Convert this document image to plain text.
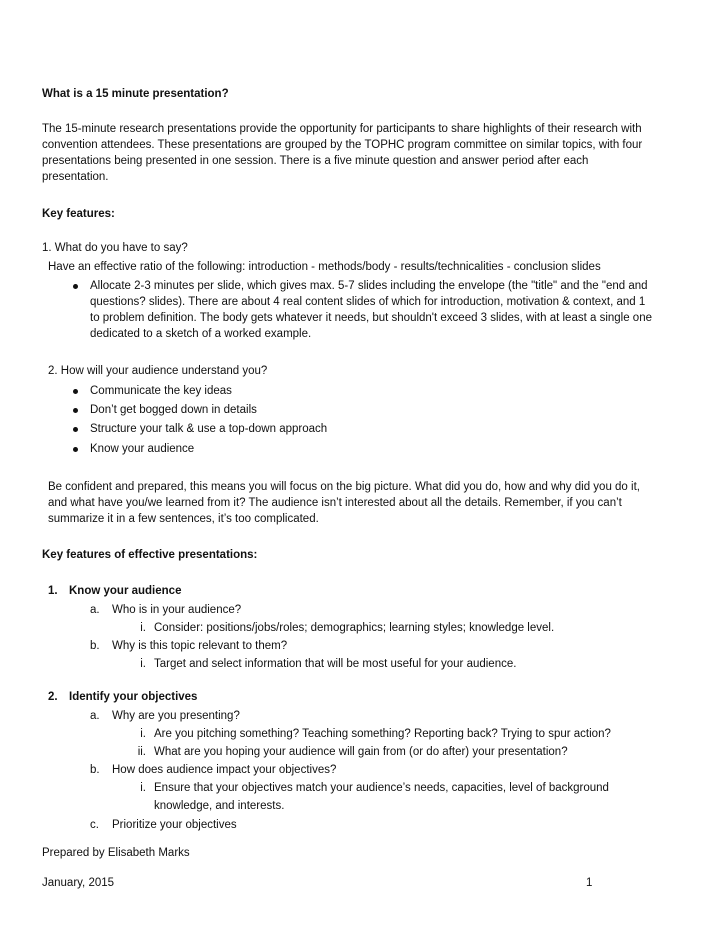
What is a 15 minute presentation?
The 15-minute research presentations provide the opportunity for participants to share highlights of their research with
convention attendees. These presentations are grouped by the TOPHC program committee on similar topics, with four
presentations being presented in one session. There is a five minute question and answer period after each
presentation.
Key features:
1. What do you have to say?
Have an effective ratio of the following: introduction - methods/body - results/technicalities - conclusion slides
Allocate 2-3 minutes per slide, which gives max. 5-7 slides including the envelope (the "title" and the "end and
questions? slides). There are about 4 real content slides of which for introduction, motivation & context, and 1
to problem definition. The body gets whatever it needs, but shouldn't exceed 3 slides, with at least a single one
dedicated to a sketch of a worked example.
2. How will your audience understand you?
Communicate the key ideas
Don’t get bogged down in details
Structure your talk & use a top-down approach
Know your audience
Be confident and prepared, this means you will focus on the big picture. What did you do, how and why did you do it,
and what have you/we learned from it? The audience isn’t interested about all the details. Remember, if you can’t
summarize it in a few sentences, it’s too complicated.
Key features of effective presentations:
1. Know your audience
a. Who is in your audience?
i. Consider: positions/jobs/roles; demographics; learning styles; knowledge level.
b. Why is this topic relevant to them?
i. Target and select information that will be most useful for your audience.
2. Identify your objectives
a. Why are you presenting?
i. Are you pitching something? Teaching something? Reporting back? Trying to spur action?
ii. What are you hoping your audience will gain from (or do after) your presentation?
b. How does audience impact your objectives?
i. Ensure that your objectives match your audience’s needs, capacities, level of background
knowledge, and interests.
c. Prioritize your objectives
Prepared by Elisabeth Marks
January, 2015	1
